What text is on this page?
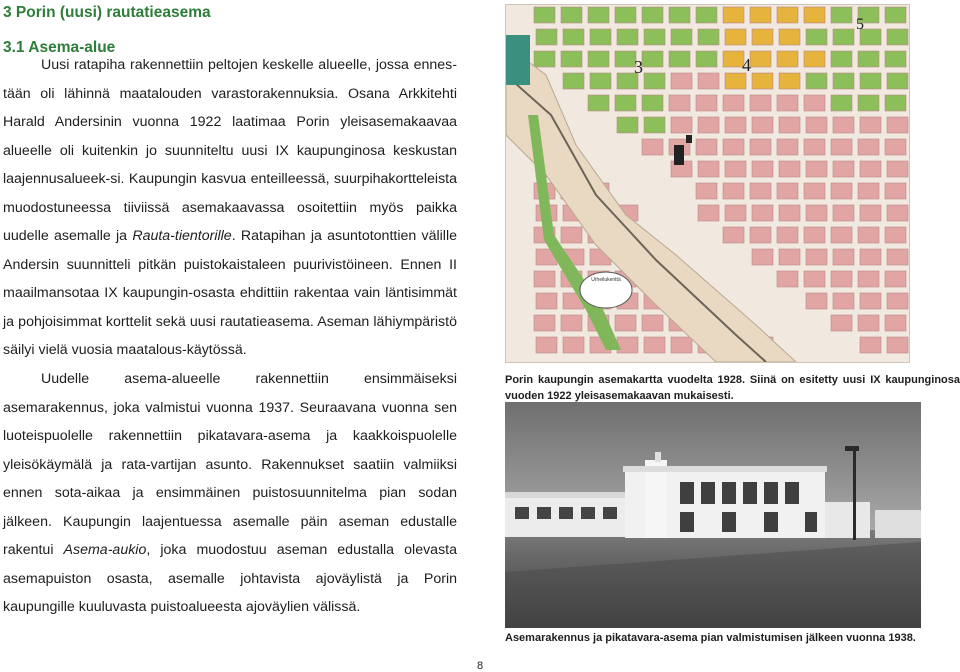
3 Porin (uusi) rautatieasema
3.1 Asema-alue

Uusi ratapiha rakennettiin peltojen keskelle alueelle, jossa ennes-tään oli lähinnä maatalouden varastorakennuksia. Osana Arkkitehti Harald Andersinin vuonna 1922 laatimaa Porin yleisasemakaavaa alueelle oli kuitenkin jo suunniteltu uusi IX kaupunginosa keskustan laajennusalueek-si. Kaupungin kasvua enteilleessä, suurpihakortteleista muodostuneessa tiiviissä asemakaavassa osoitettiin myös paikka uudelle asemalle ja Rauta-tientorille. Ratapihan ja asuntotonttien välille Andersin suunnitteli pitkän puistokaistaleen puurivistöineen. Ennen II maailmansotaa IX kaupungin-osasta ehdittiin rakentaa vain läntisimmät ja pohjoisimmat korttelit sekä uusi rautatieasema. Aseman lähiympäristö säilyi vielä vuosia maatalous-käytössä.

Uudelle asema-alueelle rakennettiin ensimmäiseksi asemarakennus, joka valmistui vuonna 1937. Seuraavana vuonna sen luoteispuolelle rakennettiin pikatavara-asema ja kaakkoispuolelle yleisökäymälä ja rata-vartijan asunto. Rakennukset saatiin valmiiksi ennen sota-aikaa ja ensimmäinen puistosuunnitelma pian sodan jälkeen. Kaupungin laajentuessa asemalle päin aseman edustalle rakentui Asema-aukio, joka muodostuu aseman edustalla olevasta asemapuiston osasta, asemalle johtavista ajoväylistä ja Porin kaupungille kuuluvasta puistoalueesta ajoväylien välissä.

Urheilukenttä
3	4
5

Porin kaupungin asemakartta vuodelta 1928. Siinä on esitetty uusi IX kaupunginosa vuoden 1922 yleisasemakaavan mukaisesti.

Asemarakennus ja pikatavara-asema pian valmistumisen jälkeen vuonna 1938.

8
